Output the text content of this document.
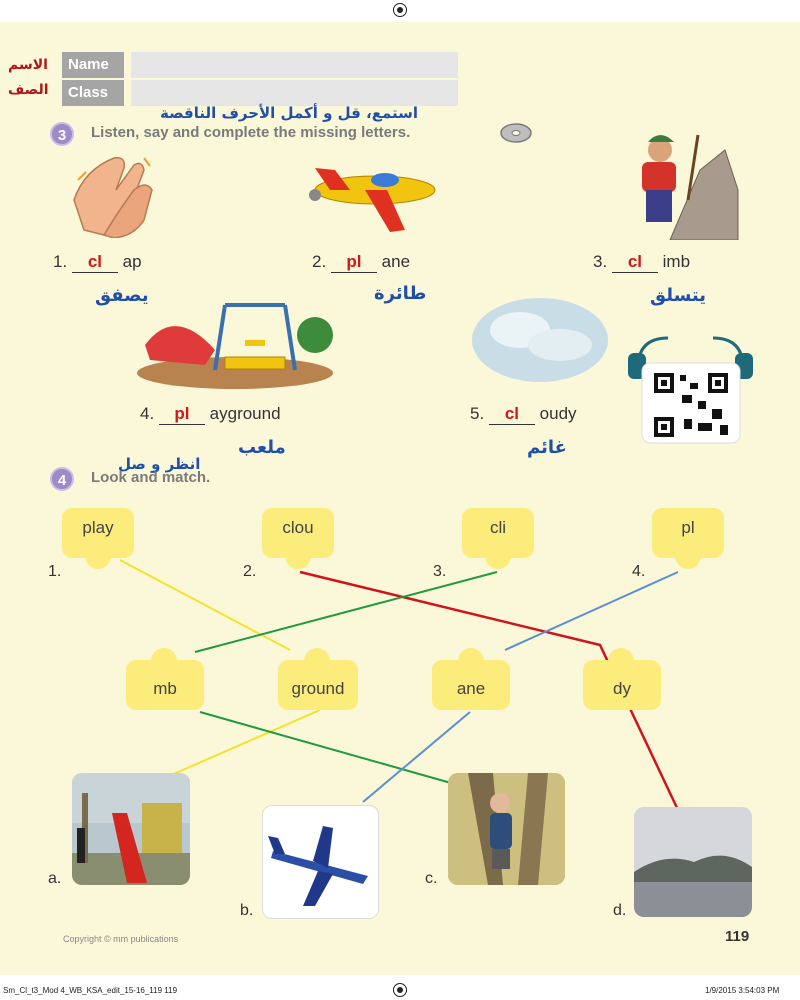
الاسم
الصف
Name
Class
استمع، قل و أكمل الأحرف الناقصة
3	Listen, say and complete the missing letters.
1. cl ap	2. pl ane	3. cl imb
يصفق	طائرة	يتسلق
4. pl ayground	5. cl oudy
ملعب	غائم
انظر و صل
4	Look and match.
play	clou	cli	pl
1.	2.	3.	4.
mb	ground	ane	dy
a.
b.
c.
d.
Copyright © mm publications	119
Sm_Cl_t3_Mod 4_WB_KSA_edit_15-16_119 119	1/9/2015 3:54:03 PM
